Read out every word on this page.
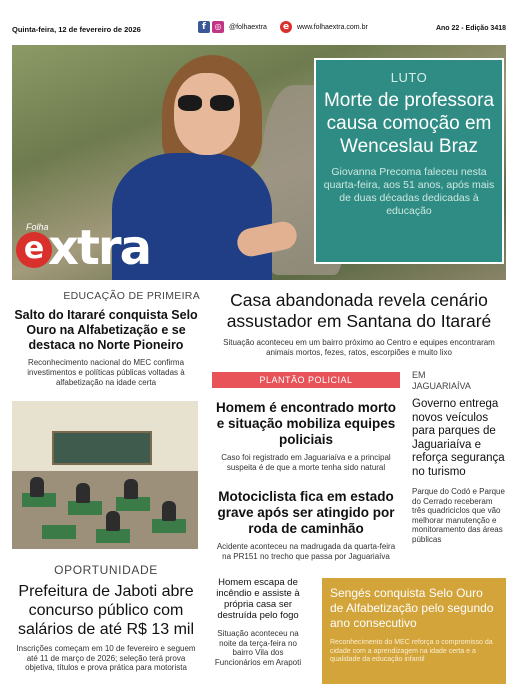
Quinta-feira, 12 de fevereiro de 2026	f	◎	@folhaextra	e	www.folhaextra.com.br	Ano 22 - Edição 3418
Folha
e xtra
LUTO
Morte de professora causa comoção em Wenceslau Braz
Giovanna Precoma faleceu nesta quarta-feira, aos 51 anos, após mais de duas décadas dedicadas à educação
EDUCAÇÃO DE PRIMEIRA
Salto do Itararé conquista Selo Ouro na Alfabetização e se destaca no Norte Pioneiro
Reconhecimento nacional do MEC confirma investimentos e políticas públicas voltadas à alfabetização na idade certa
Casa abandonada revela cenário assustador em Santana do Itararé
Situação aconteceu em um bairro próximo ao Centro e equipes encontraram animais mortos, fezes, ratos, escorpiões e muito lixo
PLANTÃO POLICIAL
Homem é encontrado morto e situação mobiliza equipes policiais
Caso foi registrado em Jaguariaíva e a principal suspeita é de que a morte tenha sido natural
Motociclista fica em estado grave após ser atingido por roda de caminhão
Acidente aconteceu na madrugada da quarta-feira na PR151 no trecho que passa por Jaguariaíva
EM
JAGUARIAÍVA
Governo entrega novos veículos para parques de Jaguariaíva e reforça segurança no turismo
Parque do Codó e Parque do Cerrado receberam três quadriciclos que vão melhorar manutenção e monitoramento das áreas públicas
OPORTUNIDADE
Prefeitura de Jaboti abre concurso público com salários de até R$ 13 mil
Inscrições começam em 10 de fevereiro e seguem até 11 de março de 2026; seleção terá prova objetiva, títulos e prova prática para motorista
Homem escapa de incêndio e assiste à própria casa ser destruída pelo fogo
Situação aconteceu na noite da terça-feira no bairro Vila dos Funcionários em Arapoti
Sengés conquista Selo Ouro de Alfabetização pelo segundo ano consecutivo
Reconhecimento do MEC reforça o compromisso da cidade com a aprendizagem na idade certa e a qualidade da educação infantil
